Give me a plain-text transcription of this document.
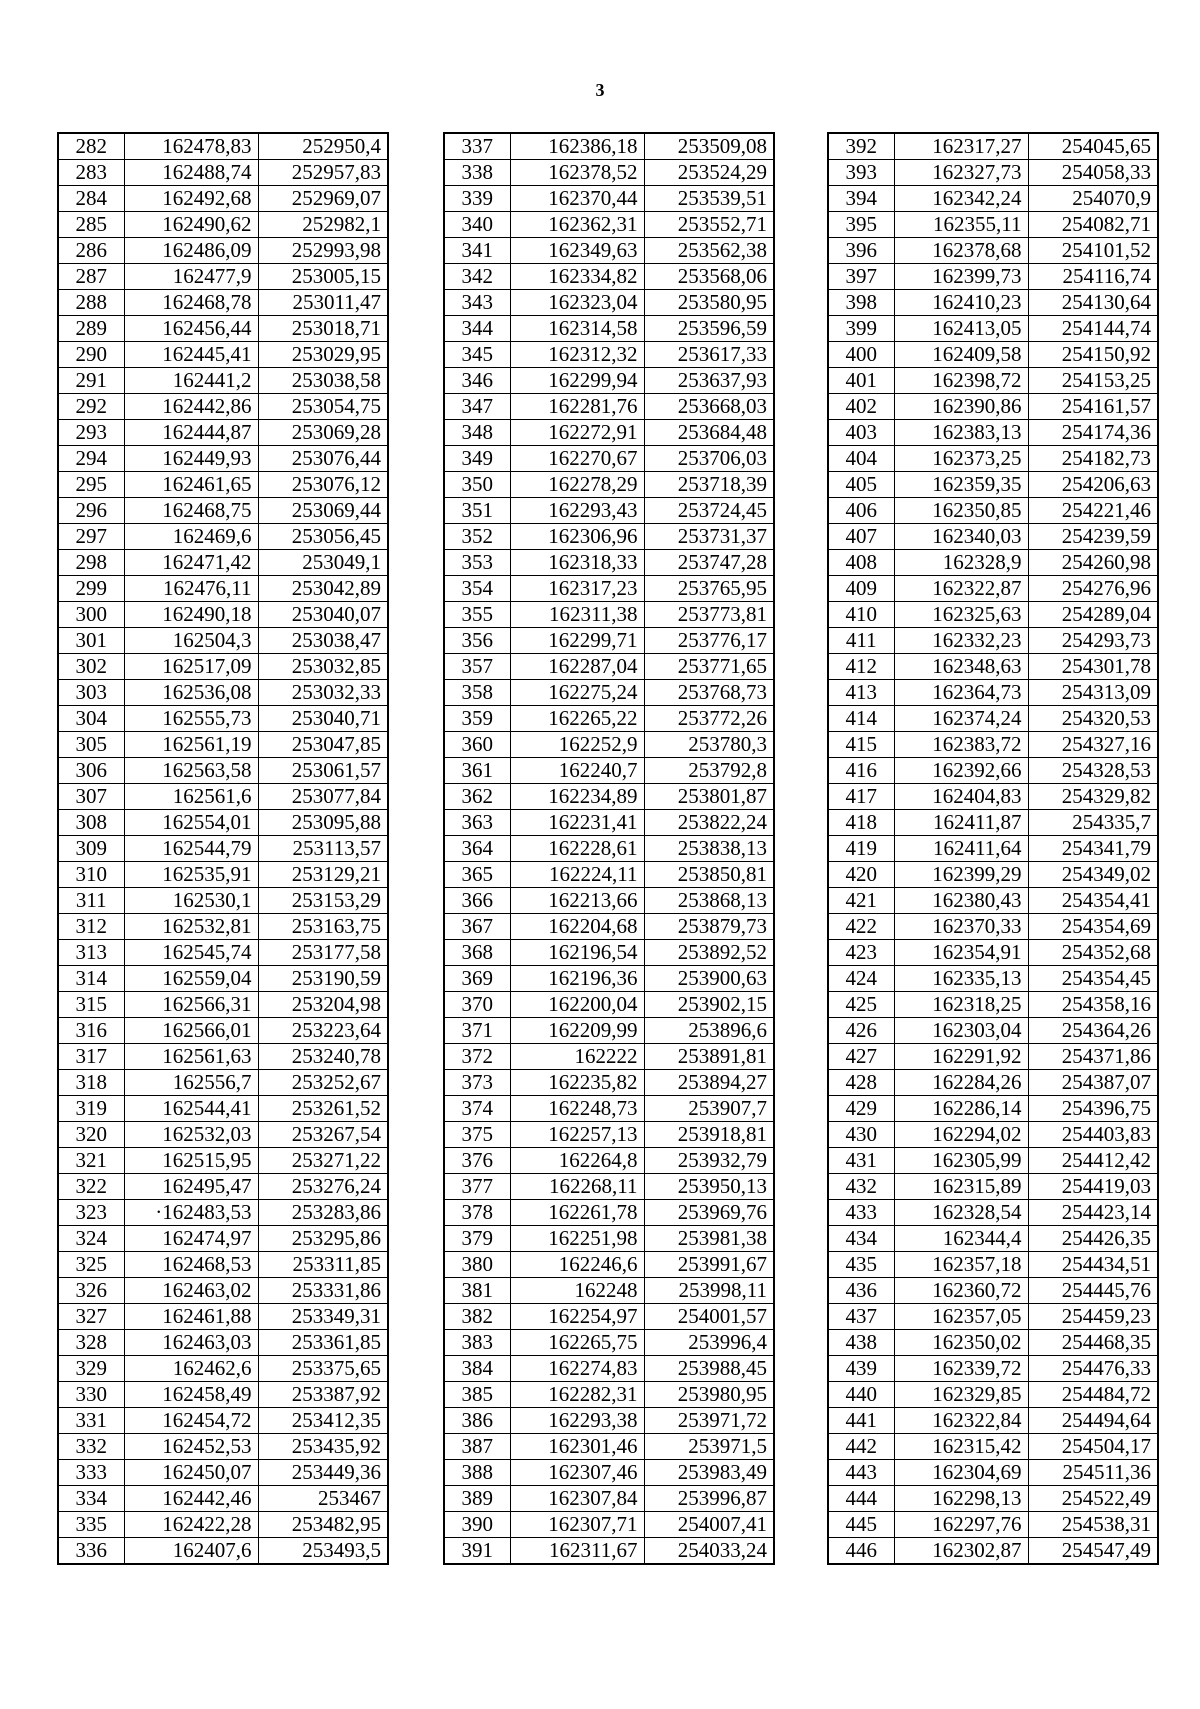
3
282	162478,83	252950,4
283	162488,74	252957,83
284	162492,68	252969,07
285	162490,62	252982,1
286	162486,09	252993,98
287	162477,9	253005,15
288	162468,78	253011,47
289	162456,44	253018,71
290	162445,41	253029,95
291	162441,2	253038,58
292	162442,86	253054,75
293	162444,87	253069,28
294	162449,93	253076,44
295	162461,65	253076,12
296	162468,75	253069,44
297	162469,6	253056,45
298	162471,42	253049,1
299	162476,11	253042,89
300	162490,18	253040,07
301	162504,3	253038,47
302	162517,09	253032,85
303	162536,08	253032,33
304	162555,73	253040,71
305	162561,19	253047,85
306	162563,58	253061,57
307	162561,6	253077,84
308	162554,01	253095,88
309	162544,79	253113,57
310	162535,91	253129,21
311	162530,1	253153,29
312	162532,81	253163,75
313	162545,74	253177,58
314	162559,04	253190,59
315	162566,31	253204,98
316	162566,01	253223,64
317	162561,63	253240,78
318	162556,7	253252,67
319	162544,41	253261,52
320	162532,03	253267,54
321	162515,95	253271,22
322	162495,47	253276,24
323	·162483,53	253283,86
324	162474,97	253295,86
325	162468,53	253311,85
326	162463,02	253331,86
327	162461,88	253349,31
328	162463,03	253361,85
329	162462,6	253375,65
330	162458,49	253387,92
331	162454,72	253412,35
332	162452,53	253435,92
333	162450,07	253449,36
334	162442,46	253467
335	162422,28	253482,95
336	162407,6	253493,5
337	162386,18	253509,08
338	162378,52	253524,29
339	162370,44	253539,51
340	162362,31	253552,71
341	162349,63	253562,38
342	162334,82	253568,06
343	162323,04	253580,95
344	162314,58	253596,59
345	162312,32	253617,33
346	162299,94	253637,93
347	162281,76	253668,03
348	162272,91	253684,48
349	162270,67	253706,03
350	162278,29	253718,39
351	162293,43	253724,45
352	162306,96	253731,37
353	162318,33	253747,28
354	162317,23	253765,95
355	162311,38	253773,81
356	162299,71	253776,17
357	162287,04	253771,65
358	162275,24	253768,73
359	162265,22	253772,26
360	162252,9	253780,3
361	162240,7	253792,8
362	162234,89	253801,87
363	162231,41	253822,24
364	162228,61	253838,13
365	162224,11	253850,81
366	162213,66	253868,13
367	162204,68	253879,73
368	162196,54	253892,52
369	162196,36	253900,63
370	162200,04	253902,15
371	162209,99	253896,6
372	162222	253891,81
373	162235,82	253894,27
374	162248,73	253907,7
375	162257,13	253918,81
376	162264,8	253932,79
377	162268,11	253950,13
378	162261,78	253969,76
379	162251,98	253981,38
380	162246,6	253991,67
381	162248	253998,11
382	162254,97	254001,57
383	162265,75	253996,4
384	162274,83	253988,45
385	162282,31	253980,95
386	162293,38	253971,72
387	162301,46	253971,5
388	162307,46	253983,49
389	162307,84	253996,87
390	162307,71	254007,41
391	162311,67	254033,24
392	162317,27	254045,65
393	162327,73	254058,33
394	162342,24	254070,9
395	162355,11	254082,71
396	162378,68	254101,52
397	162399,73	254116,74
398	162410,23	254130,64
399	162413,05	254144,74
400	162409,58	254150,92
401	162398,72	254153,25
402	162390,86	254161,57
403	162383,13	254174,36
404	162373,25	254182,73
405	162359,35	254206,63
406	162350,85	254221,46
407	162340,03	254239,59
408	162328,9	254260,98
409	162322,87	254276,96
410	162325,63	254289,04
411	162332,23	254293,73
412	162348,63	254301,78
413	162364,73	254313,09
414	162374,24	254320,53
415	162383,72	254327,16
416	162392,66	254328,53
417	162404,83	254329,82
418	162411,87	254335,7
419	162411,64	254341,79
420	162399,29	254349,02
421	162380,43	254354,41
422	162370,33	254354,69
423	162354,91	254352,68
424	162335,13	254354,45
425	162318,25	254358,16
426	162303,04	254364,26
427	162291,92	254371,86
428	162284,26	254387,07
429	162286,14	254396,75
430	162294,02	254403,83
431	162305,99	254412,42
432	162315,89	254419,03
433	162328,54	254423,14
434	162344,4	254426,35
435	162357,18	254434,51
436	162360,72	254445,76
437	162357,05	254459,23
438	162350,02	254468,35
439	162339,72	254476,33
440	162329,85	254484,72
441	162322,84	254494,64
442	162315,42	254504,17
443	162304,69	254511,36
444	162298,13	254522,49
445	162297,76	254538,31
446	162302,87	254547,49
